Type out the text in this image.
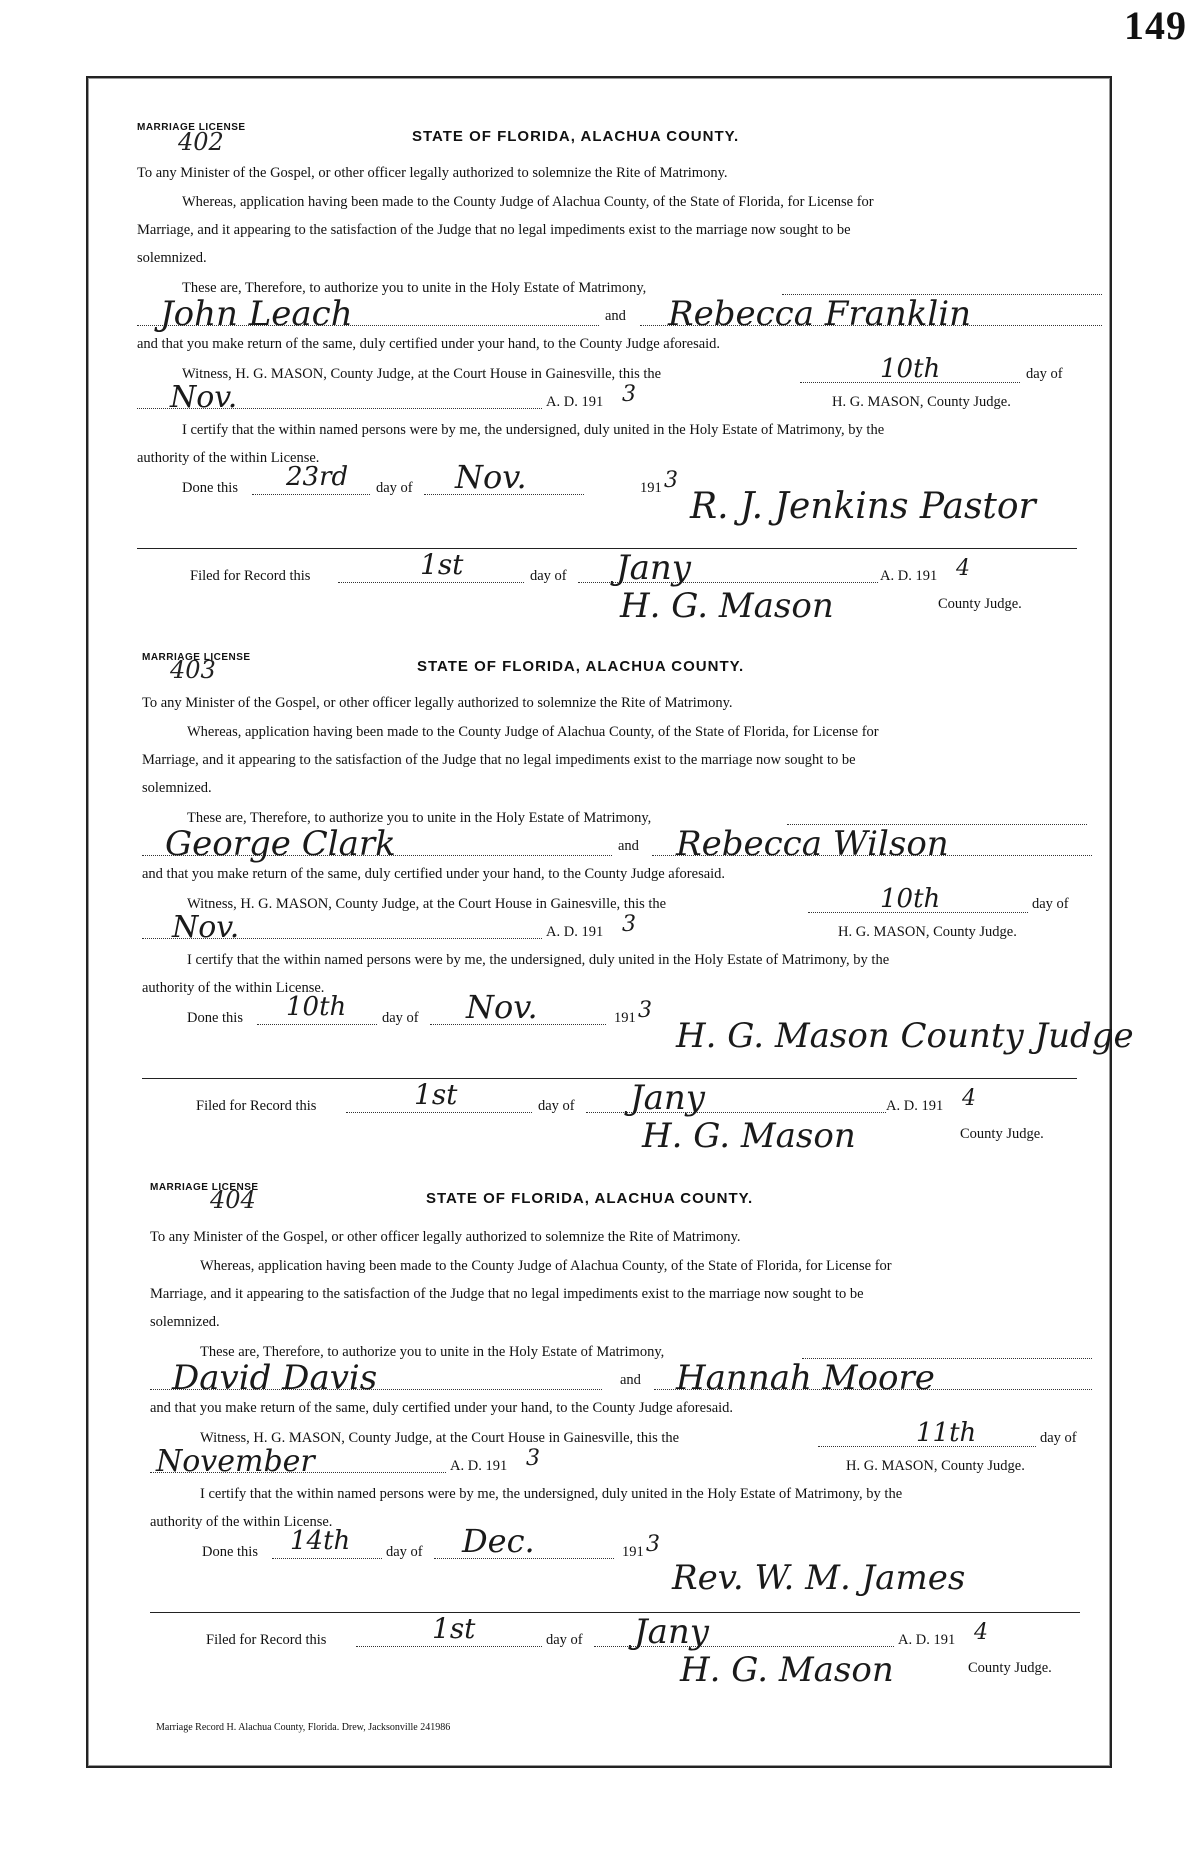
149
MARRIAGE LICENSE
402	STATE OF FLORIDA, ALACHUA COUNTY.
To any Minister of the Gospel, or other officer legally authorized to solemnize the Rite of Matrimony.
Whereas, application having been made to the County Judge of Alachua County, of the State of Florida, for License for
Marriage, and it appearing to the satisfaction of the Judge that no legal impediments exist to the marriage now sought to be
solemnized.
These are, Therefore, to authorize you to unite in the Holy Estate of Matrimony,
John Leach	and Rebecca Franklin
and that you make return of the same, duly certified under your hand, to the County Judge aforesaid.
Witness, H. G. MASON, County Judge, at the Court House in Gainesville, this the	10th	day of
Nov.	A. D. 191 3	H. G. MASON, County Judge.
I certify that the within named persons were by me, the undersigned, duly united in the Holy Estate of Matrimony, by the
authority of the within License.
Done this 23rd day of Nov.	191 3
R. J. Jenkins Pastor
Filed for Record this	1st	day of Jany	A. D. 191 4
H. G. Mason	County Judge.
MARRIAGE LICENSE
403	STATE OF FLORIDA, ALACHUA COUNTY.
To any Minister of the Gospel, or other officer legally authorized to solemnize the Rite of Matrimony.
Whereas, application having been made to the County Judge of Alachua County, of the State of Florida, for License for
Marriage, and it appearing to the satisfaction of the Judge that no legal impediments exist to the marriage now sought to be
solemnized.
These are, Therefore, to authorize you to unite in the Holy Estate of Matrimony,
George Clark	and Rebecca Wilson
and that you make return of the same, duly certified under your hand, to the County Judge aforesaid.
Witness, H. G. MASON, County Judge, at the Court House in Gainesville, this the	10th	day of
Nov.	A. D. 191 3	H. G. MASON, County Judge.
I certify that the within named persons were by me, the undersigned, duly united in the Holy Estate of Matrimony, by the
authority of the within License.
Done this 10th day of Nov.	191 3
H. G. Mason County Judge
Filed for Record this	1st	day of Jany	A. D. 191 4
H. G. Mason	County Judge.
MARRIAGE LICENSE
404	STATE OF FLORIDA, ALACHUA COUNTY.
To any Minister of the Gospel, or other officer legally authorized to solemnize the Rite of Matrimony.
Whereas, application having been made to the County Judge of Alachua County, of the State of Florida, for License for
Marriage, and it appearing to the satisfaction of the Judge that no legal impediments exist to the marriage now sought to be
solemnized.
These are, Therefore, to authorize you to unite in the Holy Estate of Matrimony,
David Davis	and Hannah Moore
and that you make return of the same, duly certified under your hand, to the County Judge aforesaid.
Witness, H. G. MASON, County Judge, at the Court House in Gainesville, this the	11th	day of
November	A. D. 191 3	H. G. MASON, County Judge.
I certify that the within named persons were by me, the undersigned, duly united in the Holy Estate of Matrimony, by the
authority of the within License.
Done this 14th day of Dec.	191 3
Rev. W. M. James
Filed for Record this	1st	day of Jany	A. D. 191 4
H. G. Mason	County Judge.
Marriage Record H. Alachua County, Florida. Drew, Jacksonville 241986
